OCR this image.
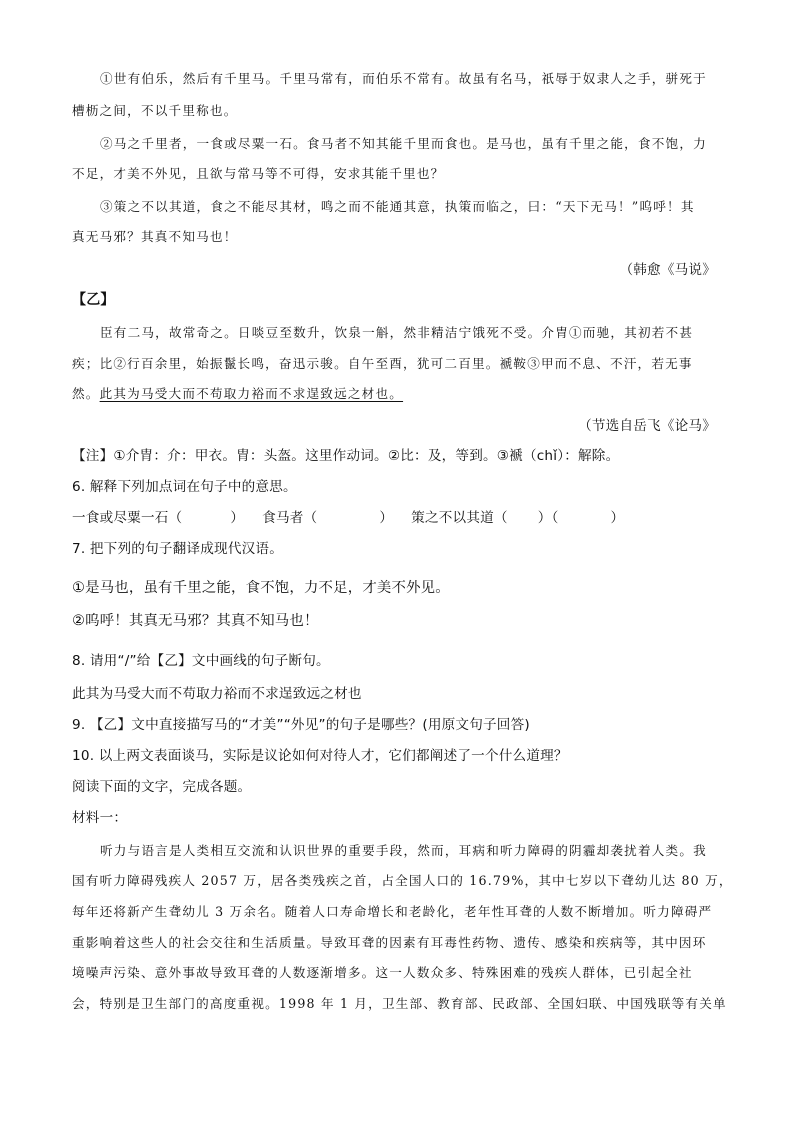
①世有伯乐，然后有千里马。千里马常有，而伯乐不常有。故虽有名马，祇辱于奴隶人之手，骈死于
槽枥之间，不以千里称也。
②马之千里者，一食或尽粟一石。食马者不知其能千里而食也。是马也，虽有千里之能，食不饱，力
不足，才美不外见，且欲与常马等不可得，安求其能千里也？
③策之不以其道，食之不能尽其材，鸣之而不能通其意，执策而临之，曰：“天下无马！”呜呼！其
真无马邪？其真不知马也！
（韩愈《马说》
【乙】
臣有二马，故常奇之。日啖豆至数升，饮泉一斛，然非精洁宁饿死不受。介胄①而驰，其初若不甚
疾；比②行百余里，始振鬣长鸣，奋迅示骏。自午至酉，犹可二百里。褫鞍③甲而不息、不汗，若无事
然。此其为马受大而不苟取力裕而不求逞致远之材也。
（节选自岳飞《论马》
【注】①介胄：介：甲衣。胄：头盔。这里作动词。②比：及，等到。③褫（chǐ）：解除。
6. 解释下列加点词在句子中的意思。
一食或尽粟一石（	） 食马者（	） 策之不以其道（ ）（	）
7. 把下列的句子翻译成现代汉语。
①是马也，虽有千里之能，食不饱，力不足，才美不外见。
②呜呼！其真无马邪？其真不知马也！
8. 请用“/”给【乙】文中画线的句子断句。
此其为马受大而不苟取力裕而不求逞致远之材也
9. 【乙】文中直接描写马的“才美”“外见”的句子是哪些？(用原文句子回答)
10. 以上两文表面谈马，实际是议论如何对待人才，它们都阐述了一个什么道理？
阅读下面的文字，完成各题。
材料一：
听力与语言是人类相互交流和认识世界的重要手段，然而，耳病和听力障碍的阴霾却袭扰着人类。我
国有听力障碍残疾人 2057 万，居各类残疾之首，占全国人口的 16.79%，其中七岁以下聋幼儿达 80 万，
每年还将新产生聋幼儿 3 万余名。随着人口寿命增长和老龄化，老年性耳聋的人数不断增加。听力障碍严
重影响着这些人的社会交往和生活质量。导致耳聋的因素有耳毒性药物、遗传、感染和疾病等，其中因环
境噪声污染、意外事故导致耳聋的人数逐渐增多。这一人数众多、特殊困难的残疾人群体，已引起全社
会，特别是卫生部门的高度重视。1998 年 1 月，卫生部、教育部、民政部、全国妇联、中国残联等有关单
